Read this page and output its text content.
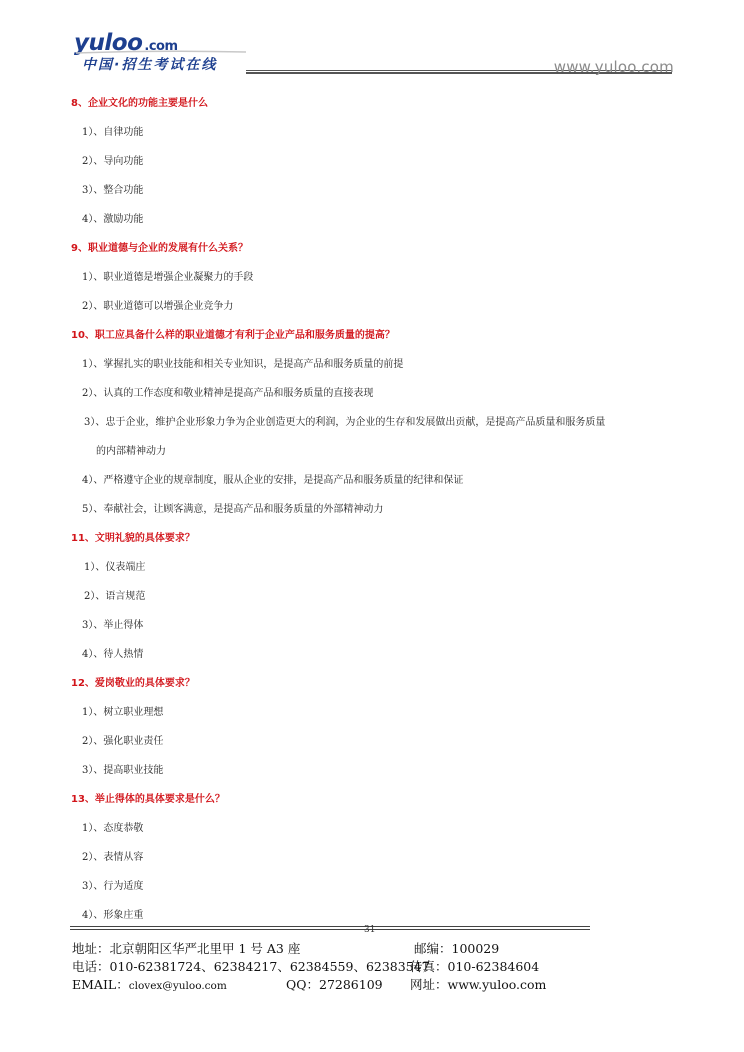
yuloo .com
中国·招生考试在线	www.yuloo.com
8、企业文化的功能主要是什么
1）、自律功能
2）、导向功能
3）、整合功能
4）、激励功能
9、职业道德与企业的发展有什么关系？
1）、职业道德是增强企业凝聚力的手段
2）、职业道德可以增强企业竞争力
10、职工应具备什么样的职业道德才有利于企业产品和服务质量的提高？
1）、掌握扎实的职业技能和相关专业知识，是提高产品和服务质量的前提
2）、认真的工作态度和敬业精神是提高产品和服务质量的直接表现
3）、忠于企业，维护企业形象力争为企业创造更大的利润，为企业的生存和发展做出贡献，是提高产品质量和服务质量
的内部精神动力
4）、严格遵守企业的规章制度，服从企业的安排，是提高产品和服务质量的纪律和保证
5）、奉献社会，让顾客满意，是提高产品和服务质量的外部精神动力
11、文明礼貌的具体要求？
1）、仪表端庄
2）、语言规范
3）、举止得体
4）、待人热情
12、爱岗敬业的具体要求？
1）、树立职业理想
2）、强化职业责任
3）、提高职业技能
13、举止得体的具体要求是什么？
1）、态度恭敬
2）、表情从容
3）、行为适度
4）、形象庄重
31
地址：北京朝阳区华严北里甲 1 号 A3 座	邮编：100029
电话：010-62381724、62384217、62384559、62383547
传真：010-62384604
EMAIL：clovex@yuloo.com	QQ：27286109 网址：www.yuloo.com
